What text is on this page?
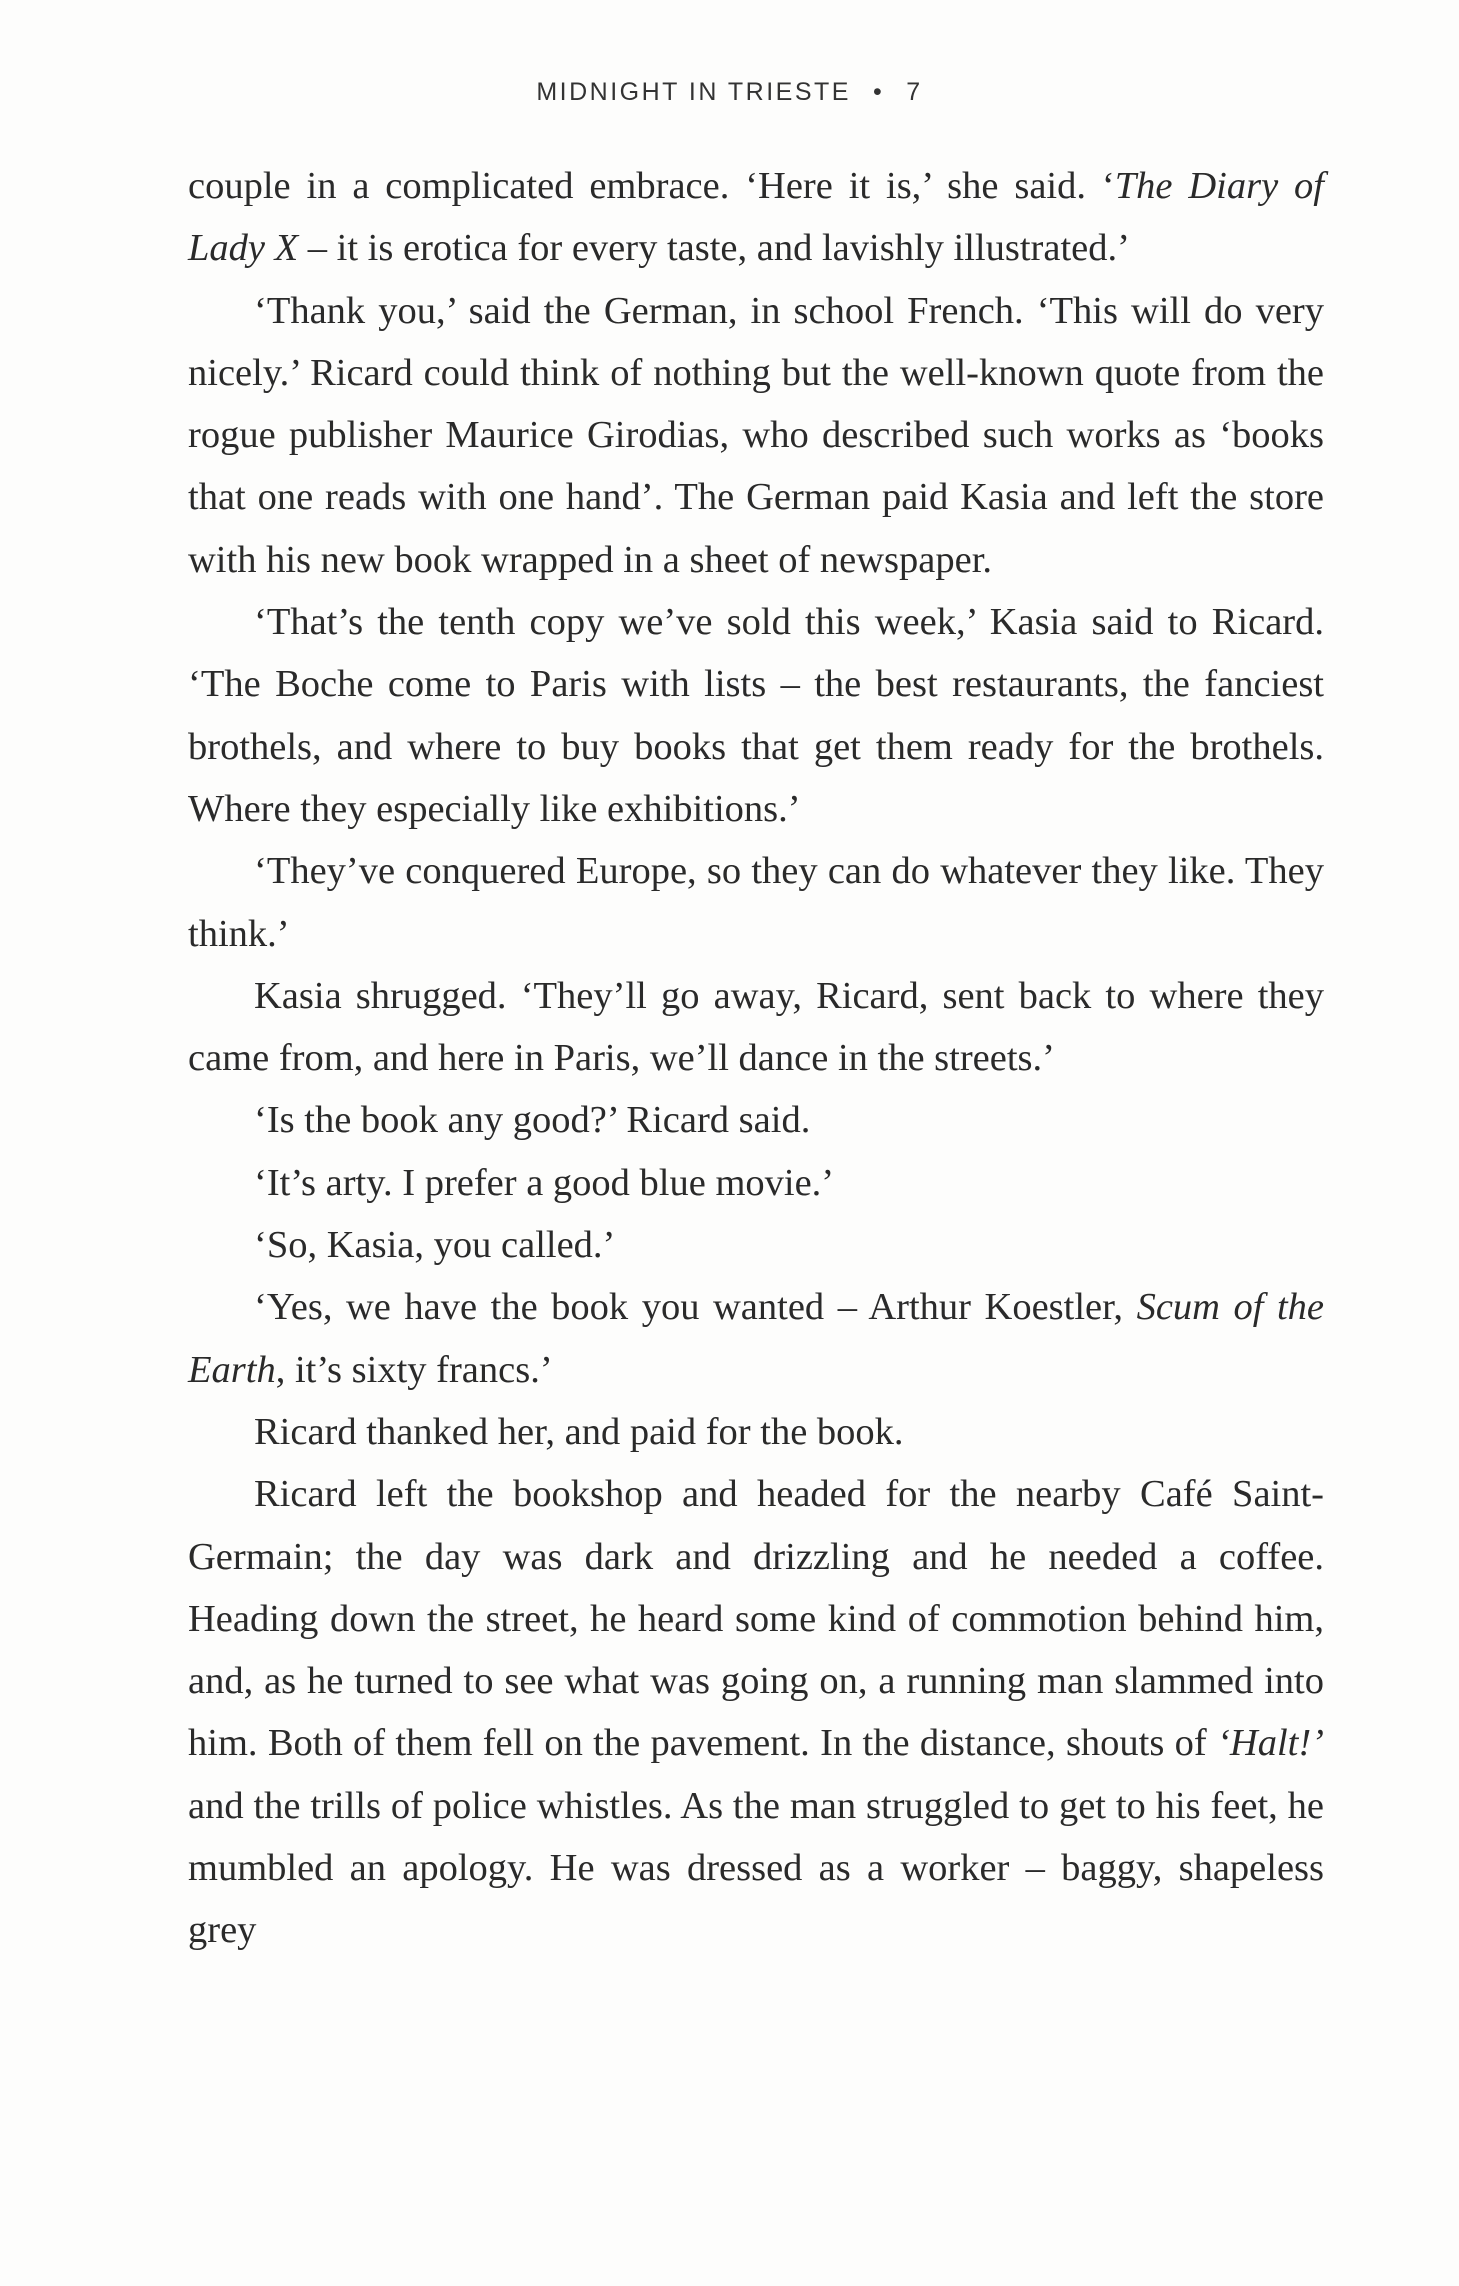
MIDNIGHT IN TRIESTE • 7

couple in a complicated embrace. ‘Here it is,’ she said. ‘The Diary of Lady X – it is erotica for every taste, and lavishly illustrated.’

‘Thank you,’ said the German, in school French. ‘This will do very nicely.’ Ricard could think of nothing but the well-known quote from the rogue publisher Maurice Girodias, who described such works as ‘books that one reads with one hand’. The German paid Kasia and left the store with his new book wrapped in a sheet of newspaper.

‘That’s the tenth copy we’ve sold this week,’ Kasia said to Ricard. ‘The Boche come to Paris with lists – the best restaurants, the fanciest brothels, and where to buy books that get them ready for the brothels. Where they especially like exhibitions.’

‘They’ve conquered Europe, so they can do whatever they like. They think.’

Kasia shrugged. ‘They’ll go away, Ricard, sent back to where they came from, and here in Paris, we’ll dance in the streets.’

‘Is the book any good?’ Ricard said.

‘It’s arty. I prefer a good blue movie.’

‘So, Kasia, you called.’

‘Yes, we have the book you wanted – Arthur Koestler, Scum of the Earth, it’s sixty francs.’

Ricard thanked her, and paid for the book.

Ricard left the bookshop and headed for the nearby Café Saint-Germain; the day was dark and drizzling and he needed a coffee. Heading down the street, he heard some kind of commotion behind him, and, as he turned to see what was going on, a running man slammed into him. Both of them fell on the pavement. In the distance, shouts of ‘Halt!’ and the trills of police whistles. As the man struggled to get to his feet, he mumbled an apology. He was dressed as a worker – baggy, shapeless grey
